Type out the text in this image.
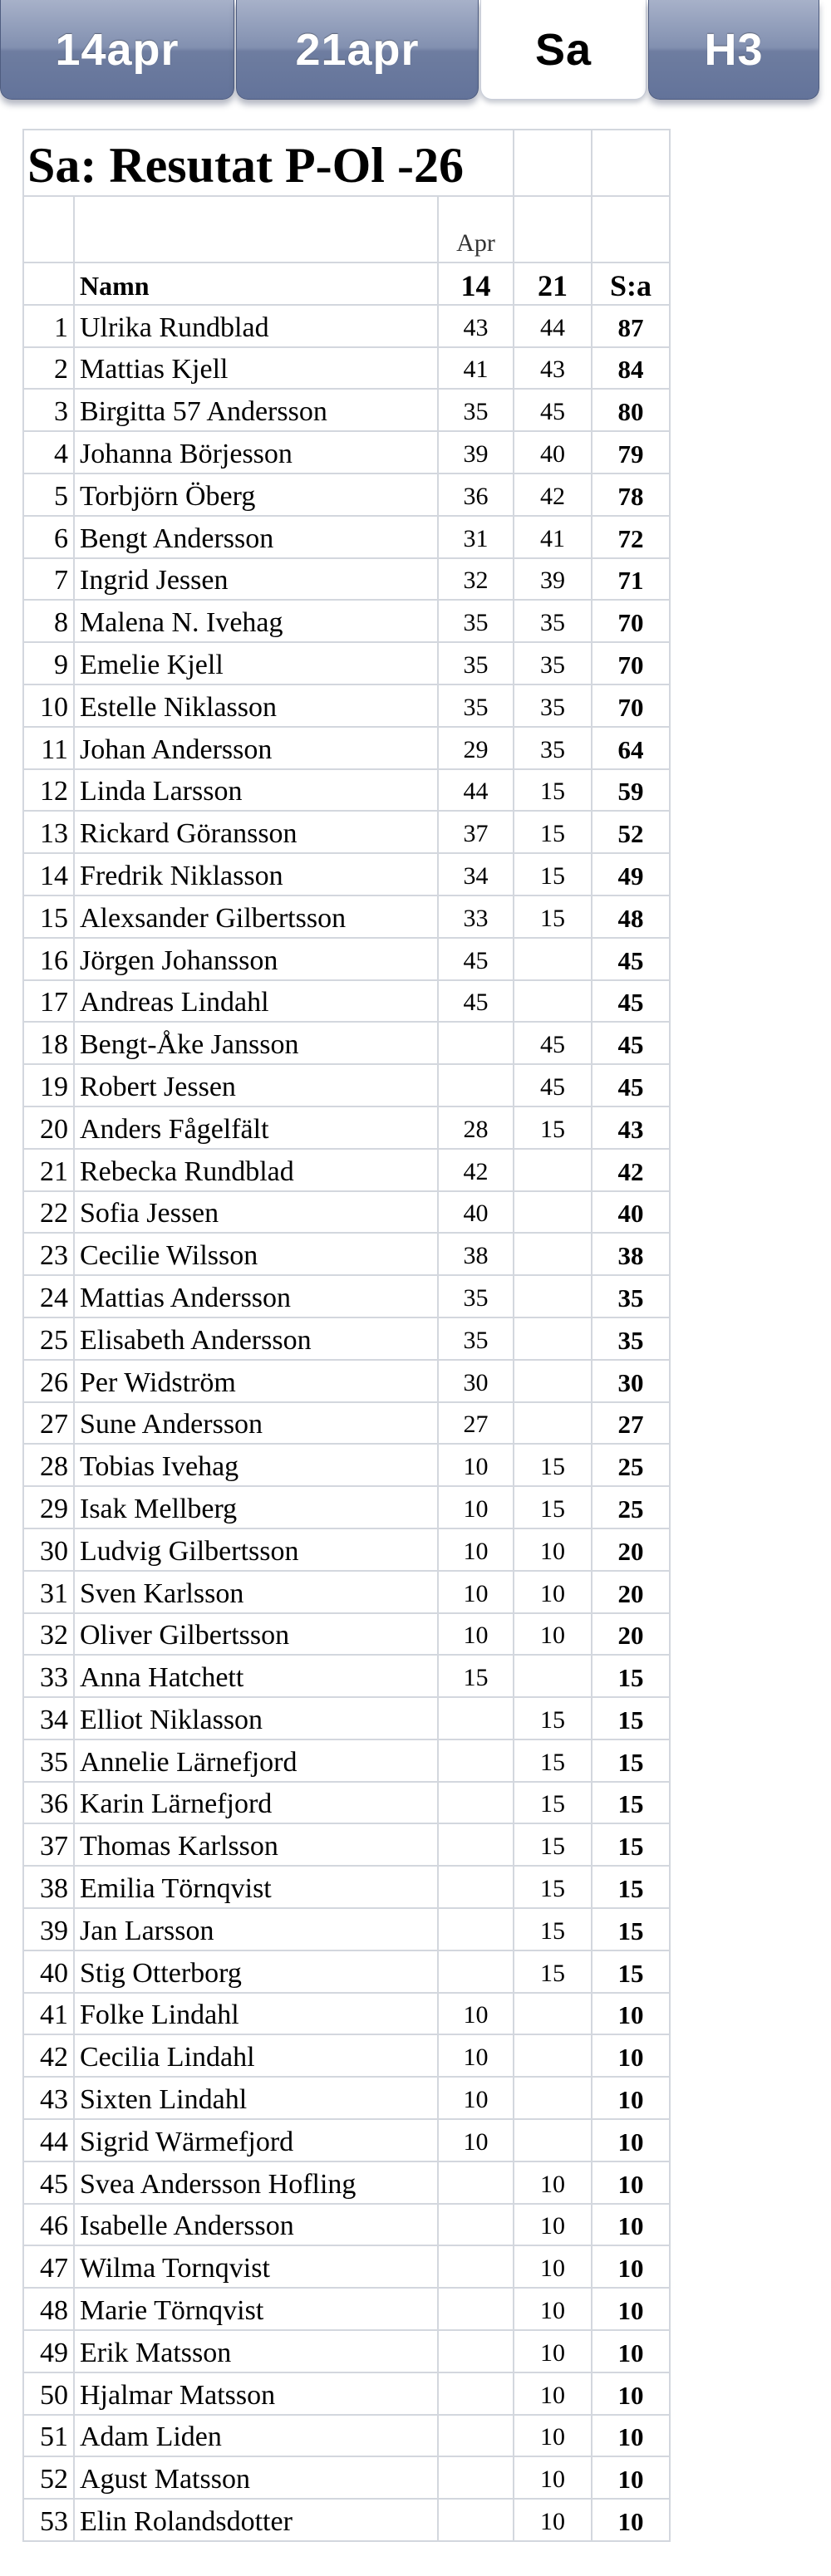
14apr	21apr	Sa	H3
Sa: Resutat P-Ol -26				
		Apr		
	Namn	14	21	S:a
1	Ulrika Rundblad	43	44	87
2	Mattias Kjell	41	43	84
3	Birgitta 57 Andersson	35	45	80
4	Johanna Börjesson	39	40	79
5	Torbjörn Öberg	36	42	78
6	Bengt Andersson	31	41	72
7	Ingrid Jessen	32	39	71
8	Malena N. Ivehag	35	35	70
9	Emelie Kjell	35	35	70
10	Estelle Niklasson	35	35	70
11	Johan Andersson	29	35	64
12	Linda Larsson	44	15	59
13	Rickard Göransson	37	15	52
14	Fredrik Niklasson	34	15	49
15	Alexsander Gilbertsson	33	15	48
16	Jörgen Johansson	45		45
17	Andreas Lindahl	45		45
18	Bengt-Åke Jansson		45	45
19	Robert Jessen		45	45
20	Anders Fågelfält	28	15	43
21	Rebecka Rundblad	42		42
22	Sofia Jessen	40		40
23	Cecilie Wilsson	38		38
24	Mattias Andersson	35		35
25	Elisabeth Andersson	35		35
26	Per Widström	30		30
27	Sune Andersson	27		27
28	Tobias Ivehag	10	15	25
29	Isak Mellberg	10	15	25
30	Ludvig Gilbertsson	10	10	20
31	Sven Karlsson	10	10	20
32	Oliver Gilbertsson	10	10	20
33	Anna Hatchett	15		15
34	Elliot Niklasson		15	15
35	Annelie Lärnefjord		15	15
36	Karin Lärnefjord		15	15
37	Thomas Karlsson		15	15
38	Emilia Törnqvist		15	15
39	Jan Larsson		15	15
40	Stig Otterborg		15	15
41	Folke Lindahl	10		10
42	Cecilia Lindahl	10		10
43	Sixten Lindahl	10		10
44	Sigrid Wärmefjord	10		10
45	Svea Andersson Hofling		10	10
46	Isabelle Andersson		10	10
47	Wilma Tornqvist		10	10
48	Marie Törnqvist		10	10
49	Erik Matsson		10	10
50	Hjalmar Matsson		10	10
51	Adam Liden		10	10
52	Agust Matsson		10	10
53	Elin Rolandsdotter		10	10
